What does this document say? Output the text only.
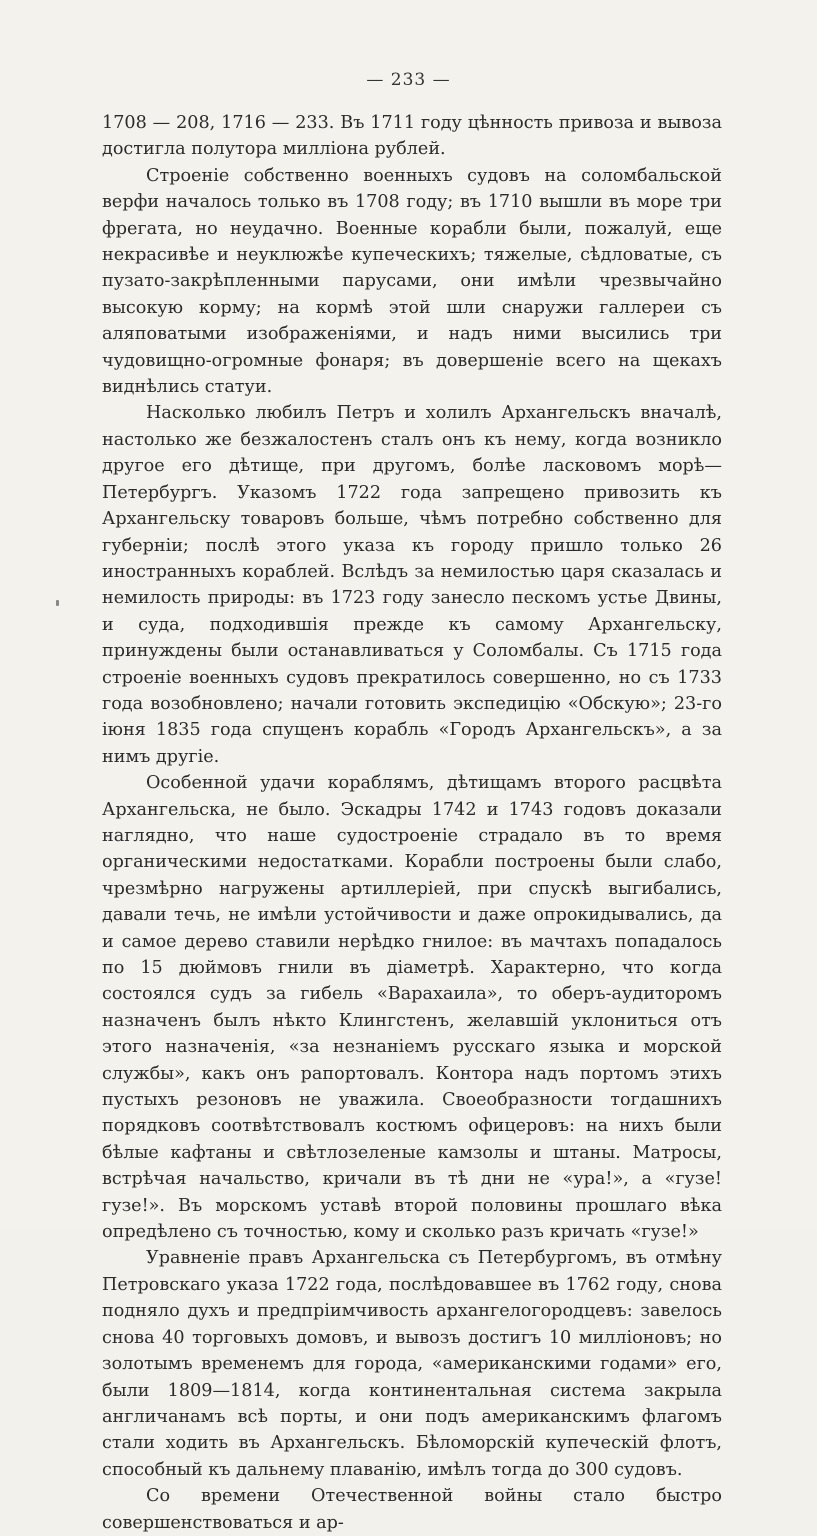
— 233 —

1708 — 208, 1716 — 233. Въ 1711 году цѣнность привоза и вывоза достигла полутора милліона рублей.

Строеніе собственно военныхъ судовъ на соломбальской верфи началось только въ 1708 году; въ 1710 вышли въ море три фрегата, но неудачно. Военные корабли были, пожалуй, еще некрасивѣе и неуклюжѣе купеческихъ; тяжелые, сѣдловатые, съ пузато-закрѣпленными парусами, они имѣли чрезвычайно высокую корму; на кормѣ этой шли снаружи галлереи съ аляповатыми изображеніями, и надъ ними высились три чудовищно-огромные фонаря; въ довершеніе всего на щекахъ виднѣлись статуи.

Насколько любилъ Петръ и холилъ Архангельскъ вначалѣ, настолько же безжалостенъ сталъ онъ къ нему, когда возникло другое его дѣтище, при другомъ, болѣе ласковомъ морѣ—Петербургъ. Указомъ 1722 года запрещено привозить къ Архангельску товаровъ больше, чѣмъ потребно собственно для губерніи; послѣ этого указа къ городу пришло только 26 иностранныхъ кораблей. Вслѣдъ за немилостью царя сказалась и немилость природы: въ 1723 году занесло пескомъ устье Двины, и суда, подходившія прежде къ самому Архангельску, принуждены были останавливаться у Соломбалы. Съ 1715 года строеніе военныхъ судовъ прекратилось совершенно, но съ 1733 года возобновлено; начали готовить экспедицію «Обскую»; 23-го іюня 1835 года спущенъ корабль «Городъ Архангельскъ», а за нимъ другіе.

Особенной удачи кораблямъ, дѣтищамъ второго расцвѣта Архангельска, не было. Эскадры 1742 и 1743 годовъ доказали наглядно, что наше судостроеніе страдало въ то время органическими недостатками. Корабли построены были слабо, чрезмѣрно нагружены артиллеріей, при спускѣ выгибались, давали течь, не имѣли устойчивости и даже опрокидывались, да и самое дерево ставили нерѣдко гнилое: въ мачтахъ попадалось по 15 дюймовъ гнили въ діаметрѣ. Характерно, что когда состоялся судъ за гибель «Варахаила», то оберъ-аудиторомъ назначенъ былъ нѣкто Клингстенъ, желавшій уклониться отъ этого назначенія, «за незнаніемъ русскаго языка и морской службы», какъ онъ рапортовалъ. Контора надъ портомъ этихъ пустыхъ резоновъ не уважила. Своеобразности тогдашнихъ порядковъ соотвѣтствовалъ костюмъ офицеровъ: на нихъ были бѣлые кафтаны и свѣтлозеленые камзолы и штаны. Матросы, встрѣчая начальство, кричали въ тѣ дни не «ура!», а «гузе! гузе!». Въ морскомъ уставѣ второй половины прошлаго вѣка опредѣлено съ точностью, кому и сколько разъ кричать «гузе!»

Уравненіе правъ Архангельска съ Петербургомъ, въ отмѣну Петровскаго указа 1722 года, послѣдовавшее въ 1762 году, снова подняло духъ и предпріимчивость архангелогородцевъ: завелось снова 40 торговыхъ домовъ, и вывозъ достигъ 10 милліоновъ; но золотымъ временемъ для города, «американскими годами» его, были 1809—1814, когда континентальная система закрыла англичанамъ всѣ порты, и они подъ американскимъ флагомъ стали ходить въ Архангельскъ. Бѣломорскій купеческій флотъ, способный къ дальнему плаванію, имѣлъ тогда до 300 судовъ.

Со времени Отечественной войны стало быстро совершенствоваться и ар-
